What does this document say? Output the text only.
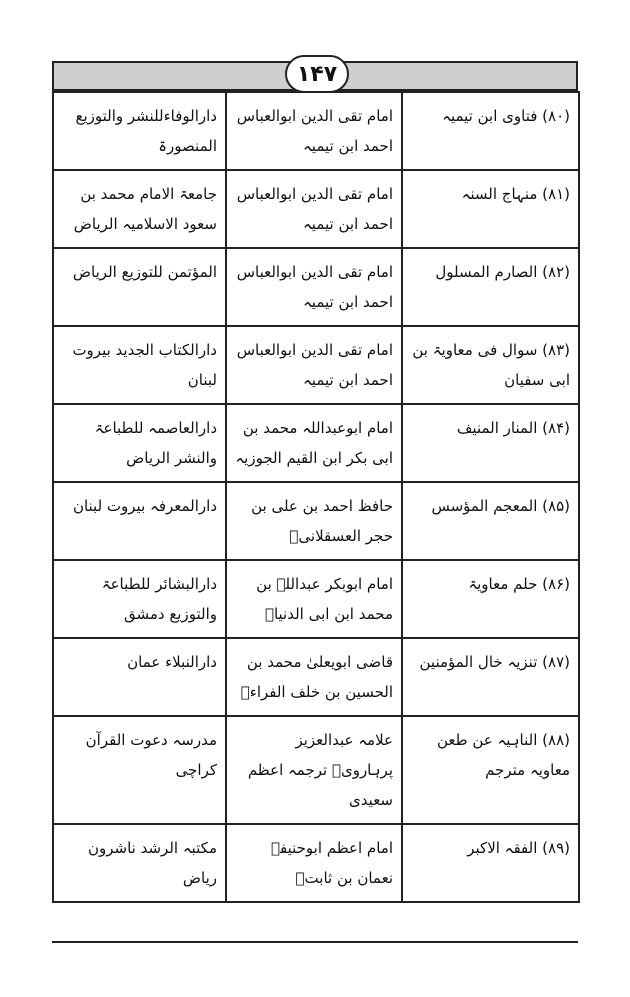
۱۴۷
(۸۰) فتاوی ابن تیمیہ	امام تقی الدین ابوالعباس احمد ابن تیمیہ	دارالوفاءللنشر والتوزیع المنصورۃ
(۸۱) منہاج السنہ	امام تقی الدین ابوالعباس احمد ابن تیمیہ	جامعۃ الامام محمد بن سعود الاسلامیہ الریاض
(۸۲) الصارم المسلول	امام تقی الدین ابوالعباس احمد ابن تیمیہ	المؤتمن للتوزیع الریاض
(۸۳) سوال فی معاویۃ بن ابی سفیان	امام تقی الدین ابوالعباس احمد ابن تیمیہ	دارالکتاب الجدید بیروت لبنان
(۸۴) المنار المنیف	امام ابوعبداللہ محمد بن ابی بکر ابن القیم الجوزیہ	دارالعاصمہ للطباعۃ والنشر الریاض
(۸۵) المعجم المؤسس	حافظ احمد بن علی بن حجر العسقلانیؒ	دارالمعرفہ بیروت لبنان
(۸۶) حلم معاویۃ	امام ابوبکر عبداللہ بن محمد ابن ابی الدنیاؒ	دارالبشائر للطباعۃ والتوزیع دمشق
(۸۷) تنزیہ خال المؤمنین	قاضی ابویعلیٰ محمد بن الحسین بن خلف الفراءؒ	دارالنبلاء عمان
(۸۸) الناہیہ عن طعن معاویہ مترجم	علامہ عبدالعزیز پرہارویؒ ترجمہ اعظم سعیدی	مدرسہ دعوت القرآن کراچی
(۸۹) الفقہ الاکبر	امام اعظم ابوحنیفہ نعمان بن ثابتؒ	مکتبہ الرشد ناشرون ریاض
